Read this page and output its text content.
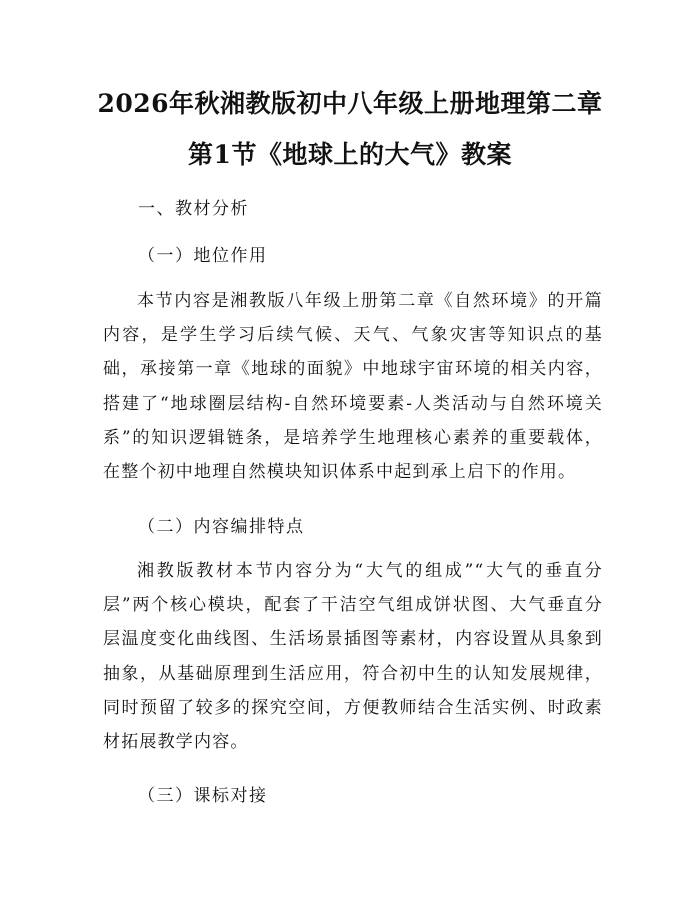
2026年秋湘教版初中八年级上册地理第二章
第1节《地球上的大气》教案
一、教材分析
（一）地位作用

本节内容是湘教版八年级上册第二章《自然环境》的开篇内容，是学生学习后续气候、天气、气象灾害等知识点的基础，承接第一章《地球的面貌》中地球宇宙环境的相关内容，搭建了“地球圈层结构-自然环境要素-人类活动与自然环境关系”的知识逻辑链条，是培养学生地理核心素养的重要载体，在整个初中地理自然模块知识体系中起到承上启下的作用。

（二）内容编排特点

湘教版教材本节内容分为“大气的组成”“大气的垂直分层”两个核心模块，配套了干洁空气组成饼状图、大气垂直分层温度变化曲线图、生活场景插图等素材，内容设置从具象到抽象，从基础原理到生活应用，符合初中生的认知发展规律，同时预留了较多的探究空间，方便教师结合生活实例、时政素材拓展教学内容。

（三）课标对接
